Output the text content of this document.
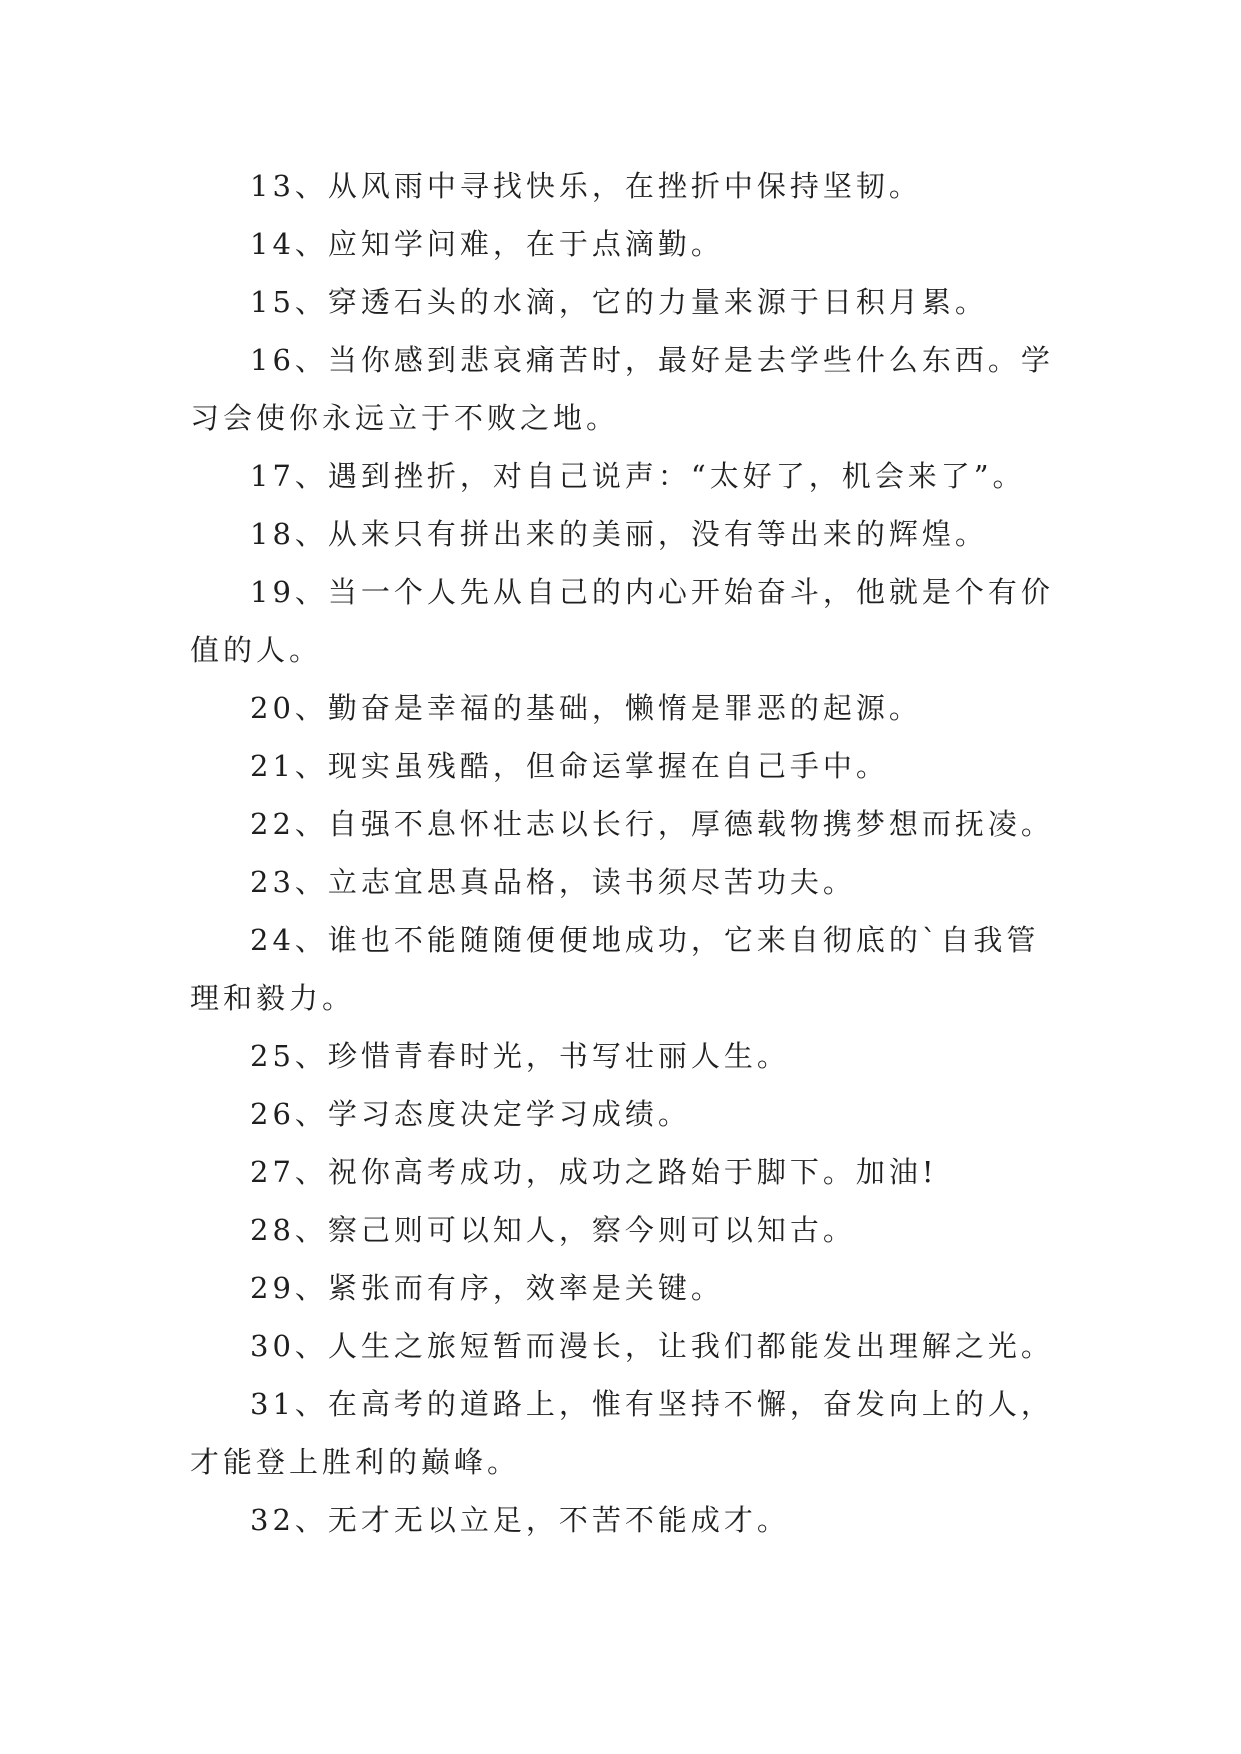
13、从风雨中寻找快乐，在挫折中保持坚韧。
14、应知学问难，在于点滴勤。
15、穿透石头的水滴，它的力量来源于日积月累。
16、当你感到悲哀痛苦时，最好是去学些什么东西。学
习会使你永远立于不败之地。
17、遇到挫折，对自己说声：“太好了，机会来了”。
18、从来只有拼出来的美丽，没有等出来的辉煌。
19、当一个人先从自己的内心开始奋斗，他就是个有价
值的人。
20、勤奋是幸福的基础，懒惰是罪恶的起源。
21、现实虽残酷，但命运掌握在自己手中。
22、自强不息怀壮志以长行，厚德载物携梦想而抚凌。
23、立志宜思真品格，读书须尽苦功夫。
24、谁也不能随随便便地成功，它来自彻底的`自我管
理和毅力。
25、珍惜青春时光，书写壮丽人生。
26、学习态度决定学习成绩。
27、祝你高考成功，成功之路始于脚下。加油!
28、察己则可以知人，察今则可以知古。
29、紧张而有序，效率是关键。
30、人生之旅短暂而漫长，让我们都能发出理解之光。
31、在高考的道路上，惟有坚持不懈，奋发向上的人，
才能登上胜利的巅峰。
32、无才无以立足，不苦不能成才。
